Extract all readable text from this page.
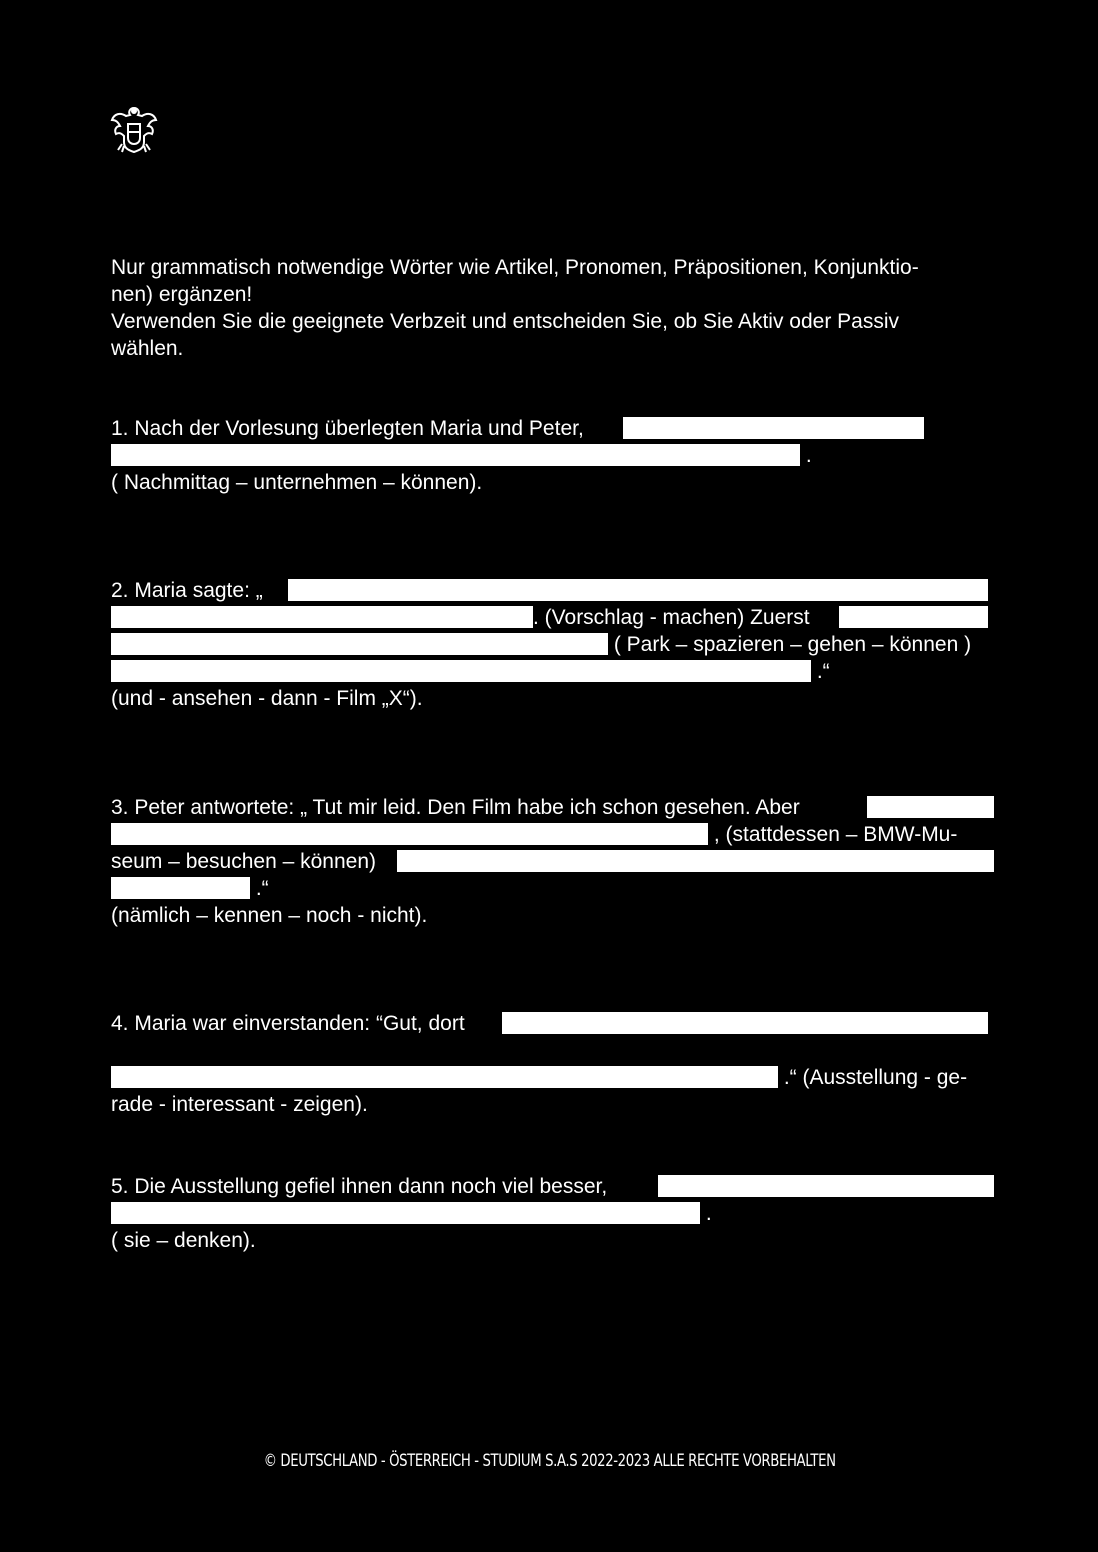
Nur grammatisch notwendige Wörter wie Artikel, Pronomen, Präpositionen, Konjunktio-

nen) ergänzen!

Verwenden Sie die geeignete Verbzeit und entscheiden Sie, ob Sie Aktiv oder Passiv

wählen.

1. Nach der Vorlesung überlegten Maria und Peter,
.
( Nachmittag – unternehmen – können).
2. Maria sagte: „
. (Vorschlag - machen) Zuerst
( Park – spazieren – gehen – können )
.“
(und - ansehen - dann - Film „X“).
3. Peter antwortete: „ Tut mir leid. Den Film habe ich schon gesehen. Aber
, (stattdessen – BMW-Mu-
seum – besuchen – können)
.“
(nämlich – kennen – noch - nicht).
4. Maria war einverstanden: “Gut, dort
.“ (Ausstellung - ge-
rade - interessant - zeigen).
5. Die Ausstellung gefiel ihnen dann noch viel besser,
.
( sie – denken).
© DEUTSCHLAND - ÖSTERREICH - STUDIUM S.A.S 2022-2023 ALLE RECHTE VORBEHALTEN
